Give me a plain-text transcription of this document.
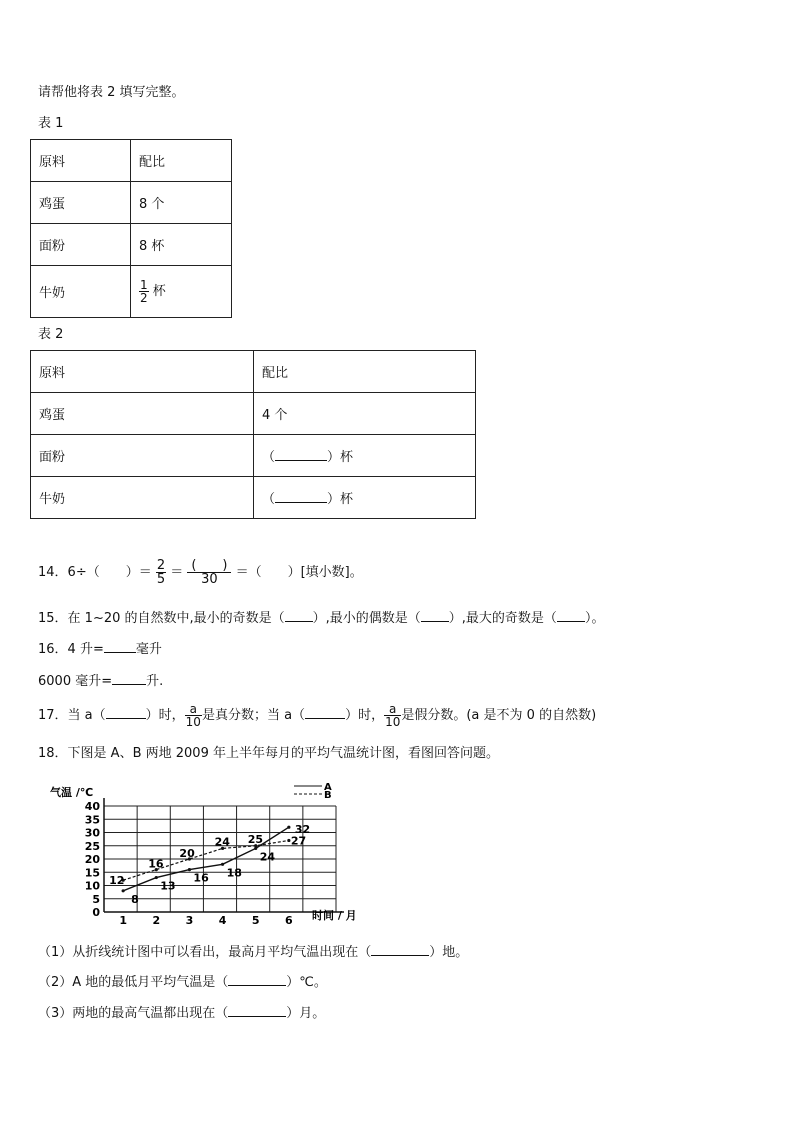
请帮他将表 2 填写完整。
表 1
原料	配比
鸡蛋	8 个
面粉	8 杯
牛奶	$\frac{1}{2}$ 杯
表 2
原料	配比
鸡蛋	4 个
面粉	（ ）杯
牛奶	（ ）杯
14．6÷（　　）＝ $\frac{2}{5} = \frac{( )}{30}$ ＝（　　）[填小数]。
15．在 1~20 的自然数中,最小的奇数是（ ）,最小的偶数是（ ）,最大的奇数是（ ）。
16．4 升= 毫升
6000 毫升=	升.
17．当 a（	）时， $\frac{a}{10}$ 是真分数；当 a（	）时， $\frac{a}{10}$ 是假分数。(a 是不为 0 的自然数)
18．下图是 A、B 两地 2009 年上半年每月的平均气温统计图，看图回答问题。
0
5
10
15
20
25
30
35
40
1 2 3 4 5 6
8
13
16 18
24
32
12
16
20
24 25	27
A
B
气温 /℃
时间 / 月
（1）从折线统计图中可以看出，最高月平均气温出现在（	）地。
（2）A 地的最低月平均气温是（	）℃。
（3）两地的最高气温都出现在（	）月。
